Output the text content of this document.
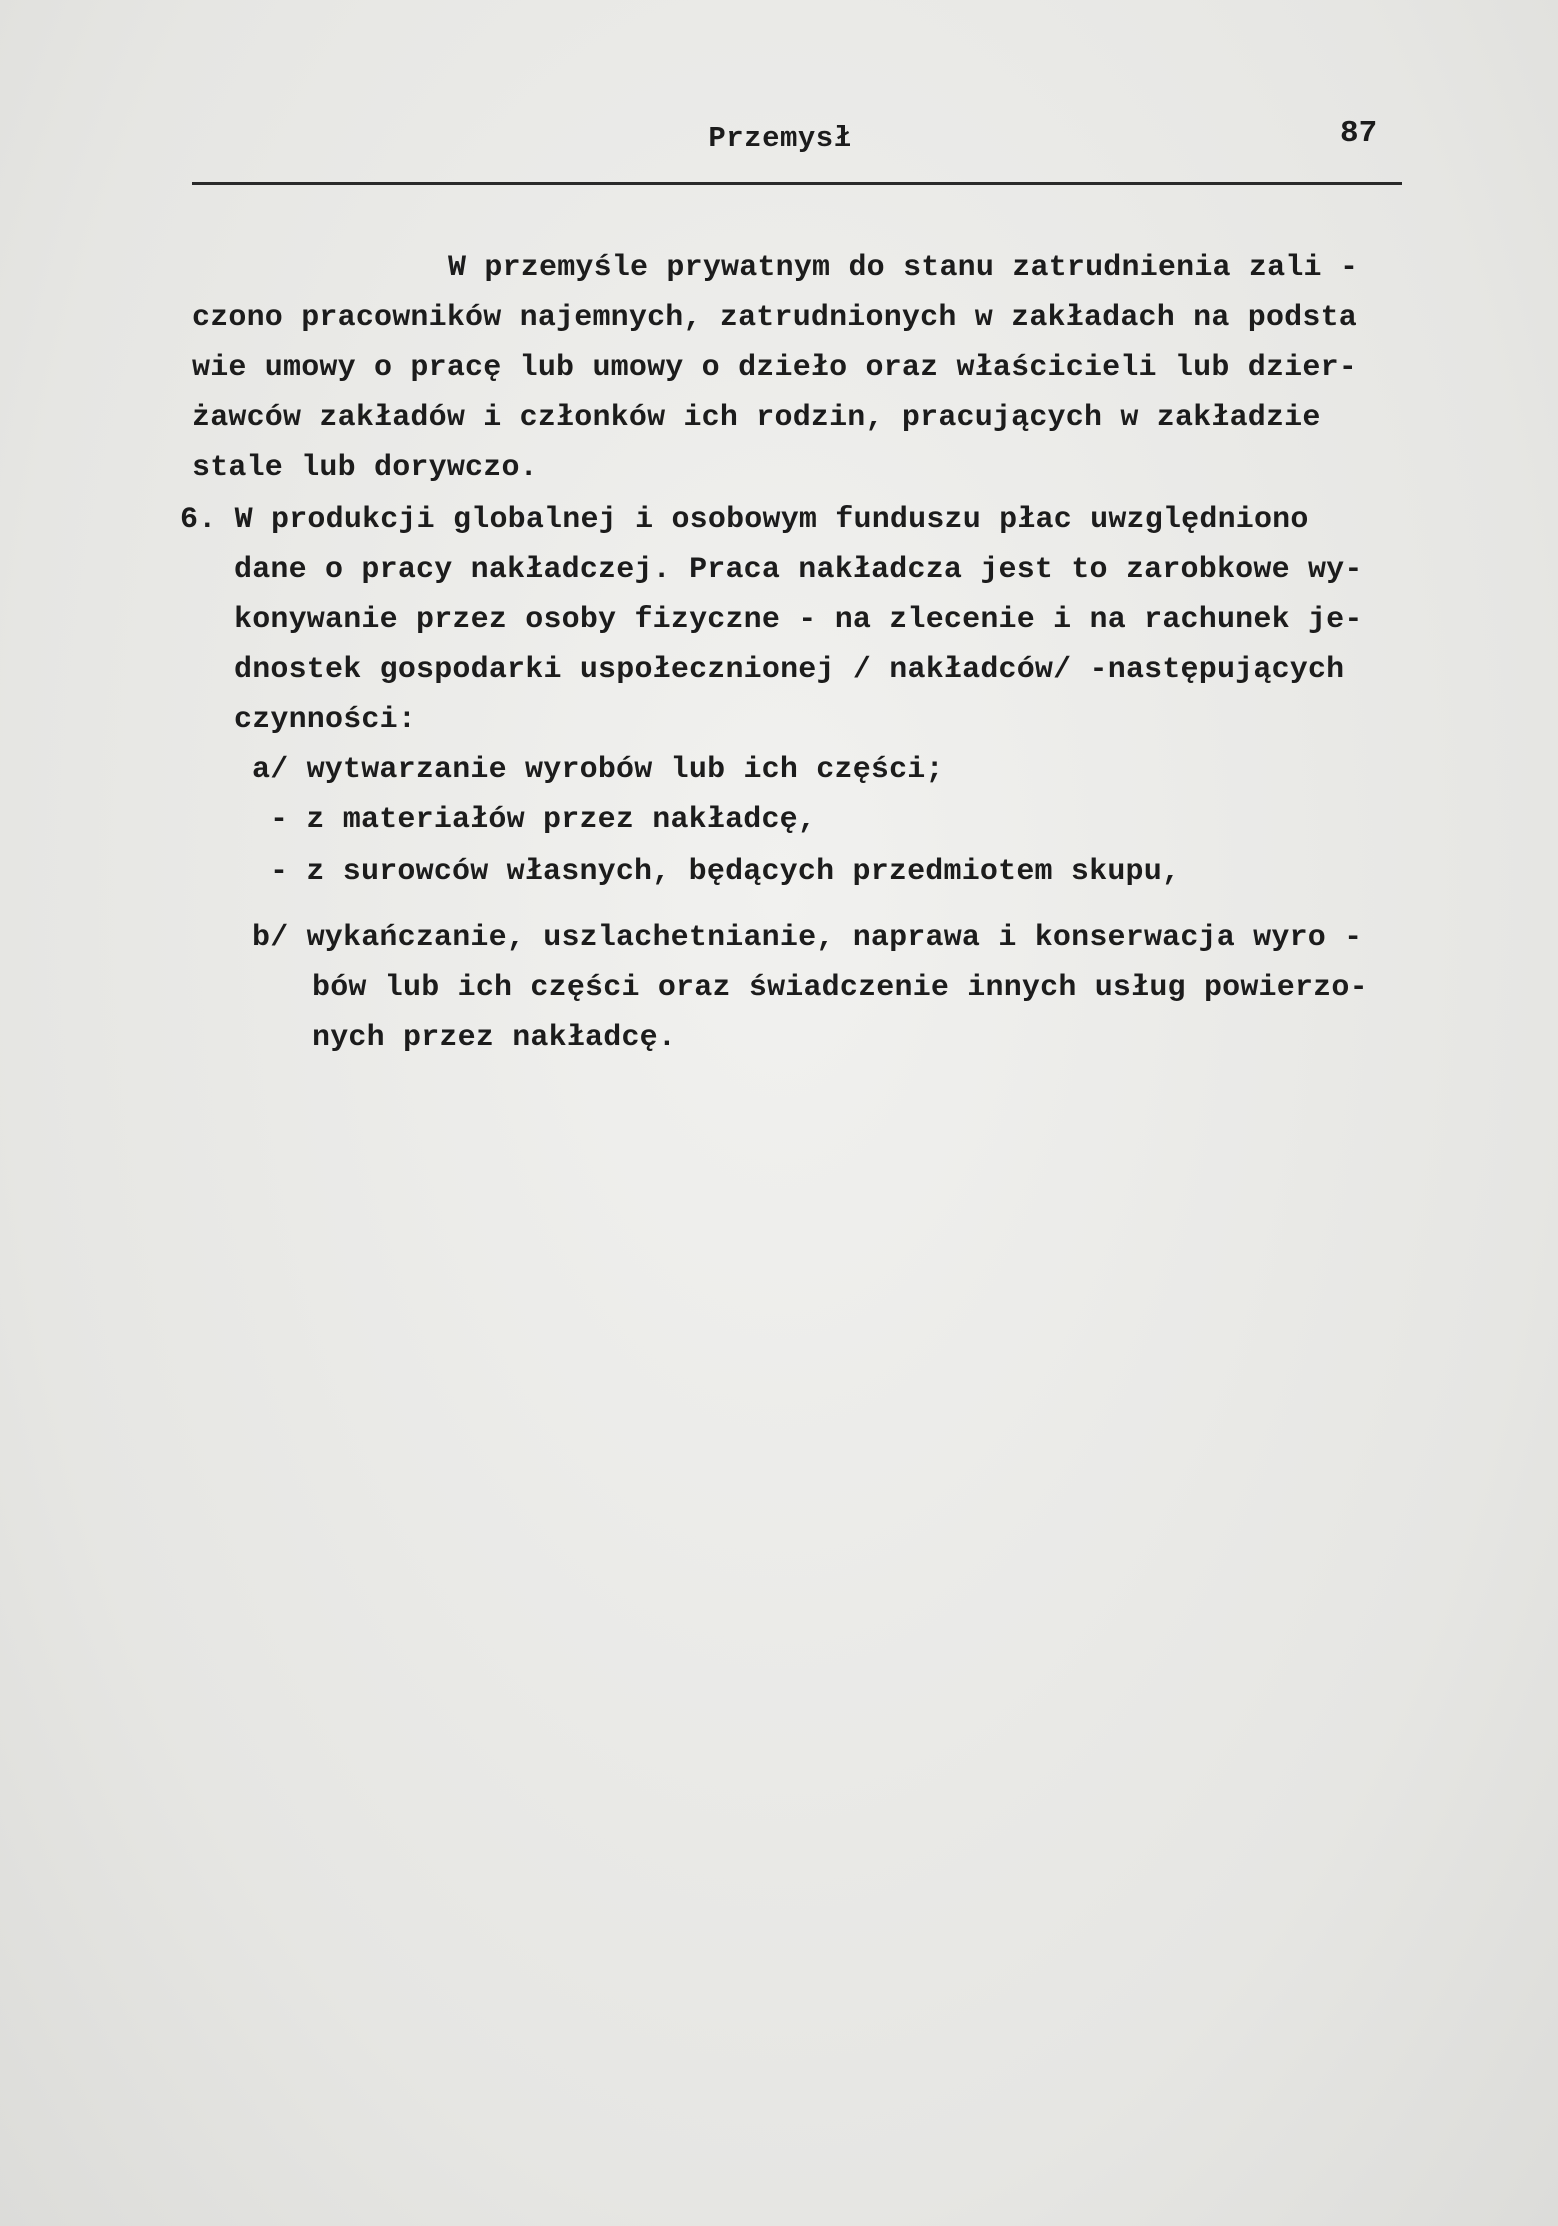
Przemysł	87
W przemyśle prywatnym do stanu zatrudnienia zali -
czono pracowników najemnych, zatrudnionych w zakładach na podsta
wie umowy o pracę lub umowy o dzieło oraz właścicieli lub dzier-
żawców zakładów i członków ich rodzin, pracujących w zakładzie
stale lub dorywczo.
6. W produkcji globalnej i osobowym funduszu płac uwzględniono
dane o pracy nakładczej. Praca nakładcza jest to zarobkowe wy-
konywanie przez osoby fizyczne - na zlecenie i na rachunek je-
dnostek gospodarki uspołecznionej / nakładców/ -następujących
czynności:
a/ wytwarzanie wyrobów lub ich części;
- z materiałów przez nakładcę,
- z surowców własnych, będących przedmiotem skupu,
b/ wykańczanie, uszlachetnianie, naprawa i konserwacja wyro -
bów lub ich części oraz świadczenie innych usług powierzo-
nych przez nakładcę.
